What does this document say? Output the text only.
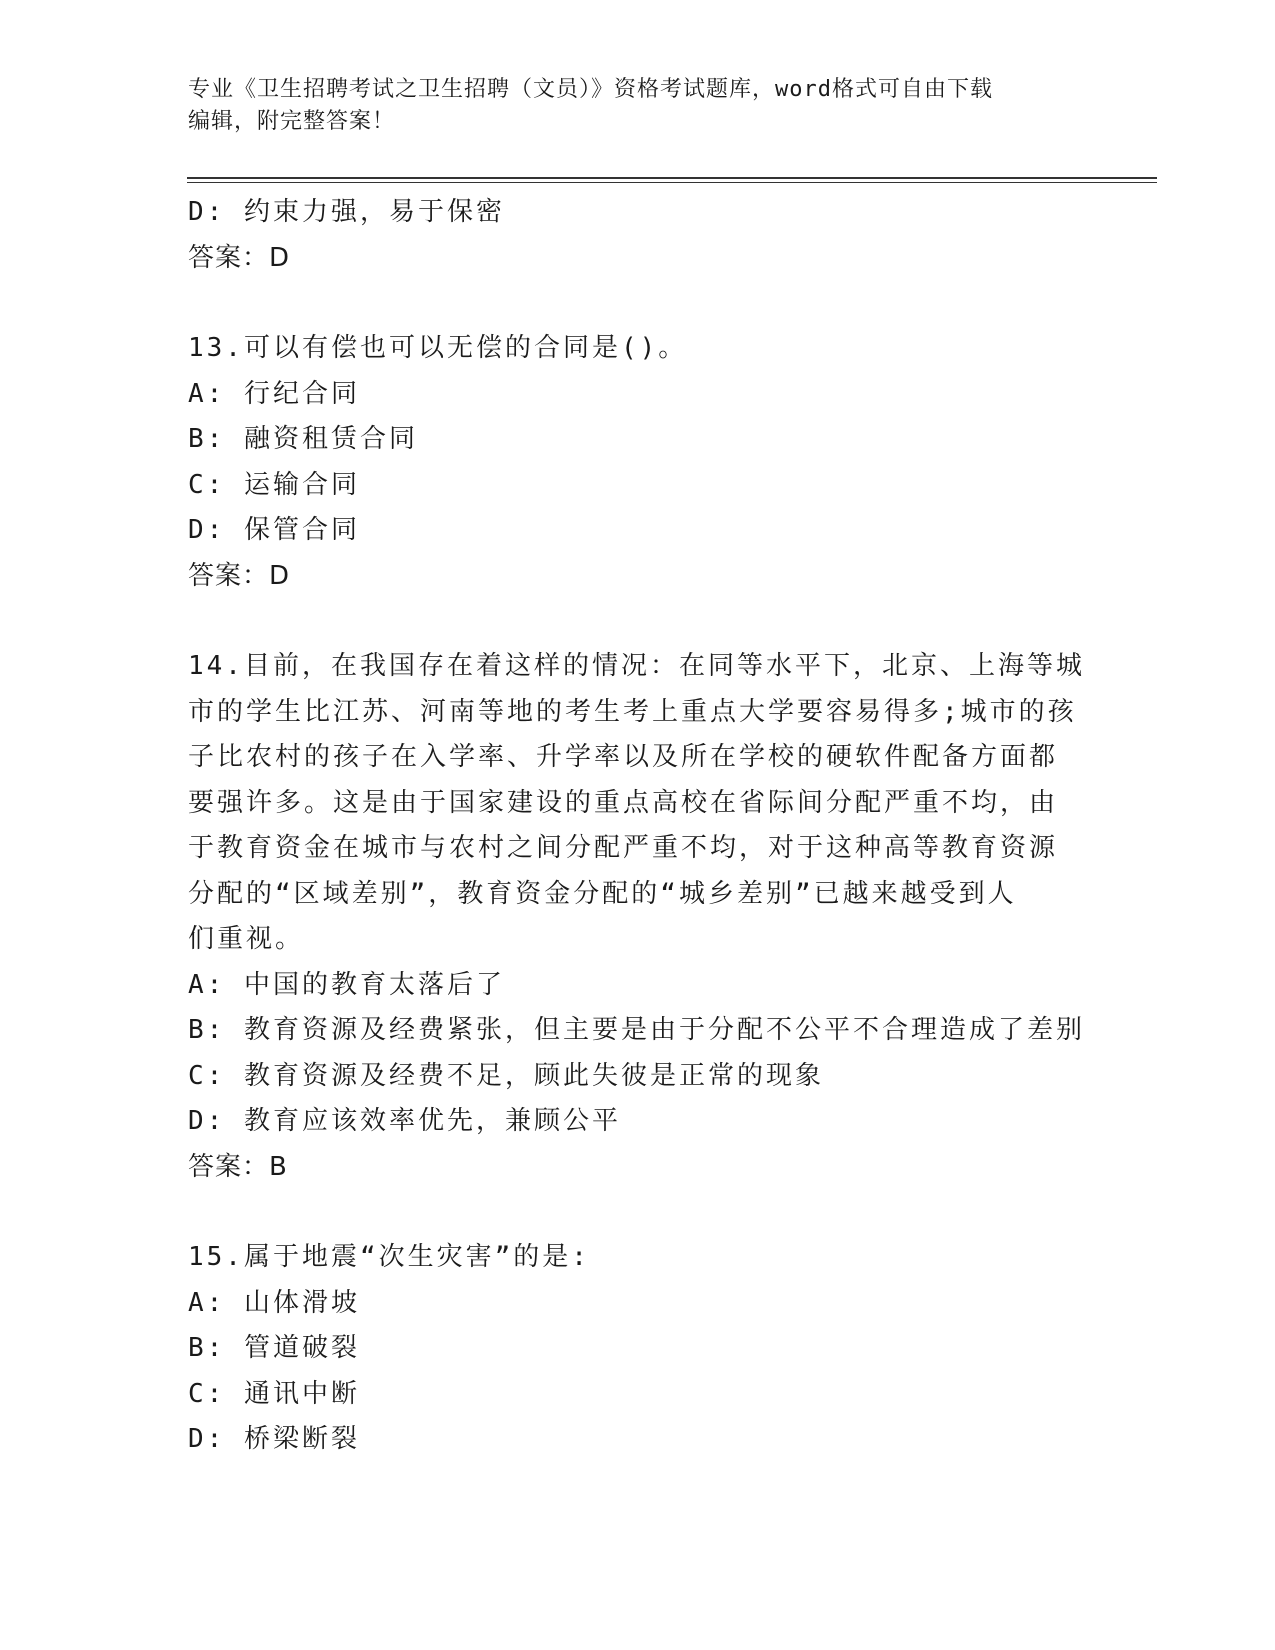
专业《卫生招聘考试之卫生招聘（文员）》资格考试题库，word格式可自由下载
编辑，附完整答案！
D: 约束力强，易于保密
答案：D
13.可以有偿也可以无偿的合同是()。
A: 行纪合同
B: 融资租赁合同
C: 运输合同
D: 保管合同
答案：D
14.目前，在我国存在着这样的情况：在同等水平下，北京、上海等城
市的学生比江苏、河南等地的考生考上重点大学要容易得多;城市的孩
子比农村的孩子在入学率、升学率以及所在学校的硬软件配备方面都
要强许多。这是由于国家建设的重点高校在省际间分配严重不均，由
于教育资金在城市与农村之间分配严重不均，对于这种高等教育资源
分配的“区域差别”，教育资金分配的“城乡差别”已越来越受到人
们重视。
A: 中国的教育太落后了
B: 教育资源及经费紧张，但主要是由于分配不公平不合理造成了差别
C: 教育资源及经费不足，顾此失彼是正常的现象
D: 教育应该效率优先，兼顾公平
答案：B
15.属于地震“次生灾害”的是:
A: 山体滑坡
B: 管道破裂
C: 通讯中断
D: 桥梁断裂
